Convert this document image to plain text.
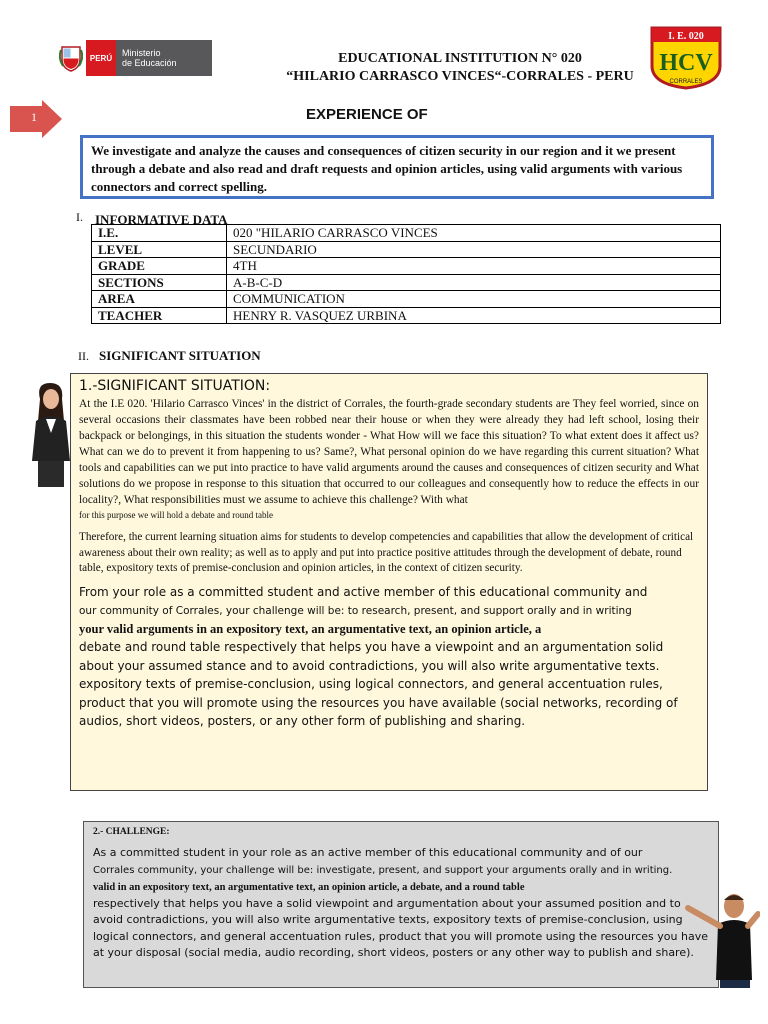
PERÚ	Ministerio
de Educación	EDUCATIONAL INSTITUTION N° 020
“HILARIO CARRASCO VINCES“-CORRALES - PERU
I. E. 020
HCV
CORRALES
1	EXPERIENCE OF
We investigate and analyze the causes and consequences of citizen security in our region and it we present through a debate and also read and draft requests and opinion articles, using valid arguments with various connectors and correct spelling.
I. INFORMATIVE DATA
I.E.	020 "HILARIO CARRASCO VINCES
LEVEL	SECUNDARIO
GRADE	4TH
SECTIONS	A-B-C-D
AREA	COMMUNICATION
TEACHER	HENRY R. VASQUEZ URBINA
II. SIGNIFICANT SITUATION

1.-SIGNIFICANT SITUATION:

At the I.E 020. 'Hilario Carrasco Vinces' in the district of Corrales, the fourth-grade secondary students are They feel worried, since on several occasions their classmates have been robbed near their house or when they were already they had left school, losing their backpack or belongings, in this situation the students wonder - What How will we face this situation? To what extent does it affect us? What can we do to prevent it from happening to us? Same?, What personal opinion do we have regarding this current situation? What tools and capabilities can we put into practice to have valid arguments around the causes and consequences of citizen security and What solutions do we propose in response to this situation that occurred to our colleagues and consequently how to reduce the effects in our locality?, What responsibilities must we assume to achieve this challenge? With what

for this purpose we will hold a debate and round table

Therefore, the current learning situation aims for students to develop competencies and capabilities that allow the development of critical awareness about their own reality; as well as to apply and put into practice positive attitudes through the development of debate, round table, expository texts of premise-conclusion and opinion articles, in the context of citizen security.

From your role as a committed student and active member of this educational community and
our community of Corrales, your challenge will be: to research, present, and support orally and in writing
your valid arguments in an expository text, an argumentative text, an opinion article, a
debate and round table respectively that helps you have a viewpoint and an argumentation solid about your assumed stance and to avoid contradictions, you will also write argumentative texts. expository texts of premise-conclusion, using logical connectors, and general accentuation rules, product that you will promote using the resources you have available (social networks, recording of audios, short videos, posters, or any other form of publishing and sharing.

2.- CHALLENGE:

As a committed student in your role as an active member of this educational community and of our
Corrales community, your challenge will be: investigate, present, and support your arguments orally and in writing.
valid in an expository text, an argumentative text, an opinion article, a debate, and a round table
respectively that helps you have a solid viewpoint and argumentation about your assumed position and to avoid contradictions, you will also write argumentative texts, expository texts of premise-conclusion, using logical connectors, and general accentuation rules, product that you will promote using the resources you have at your disposal (social media, audio recording, short videos, posters or any other way to publish and share).
